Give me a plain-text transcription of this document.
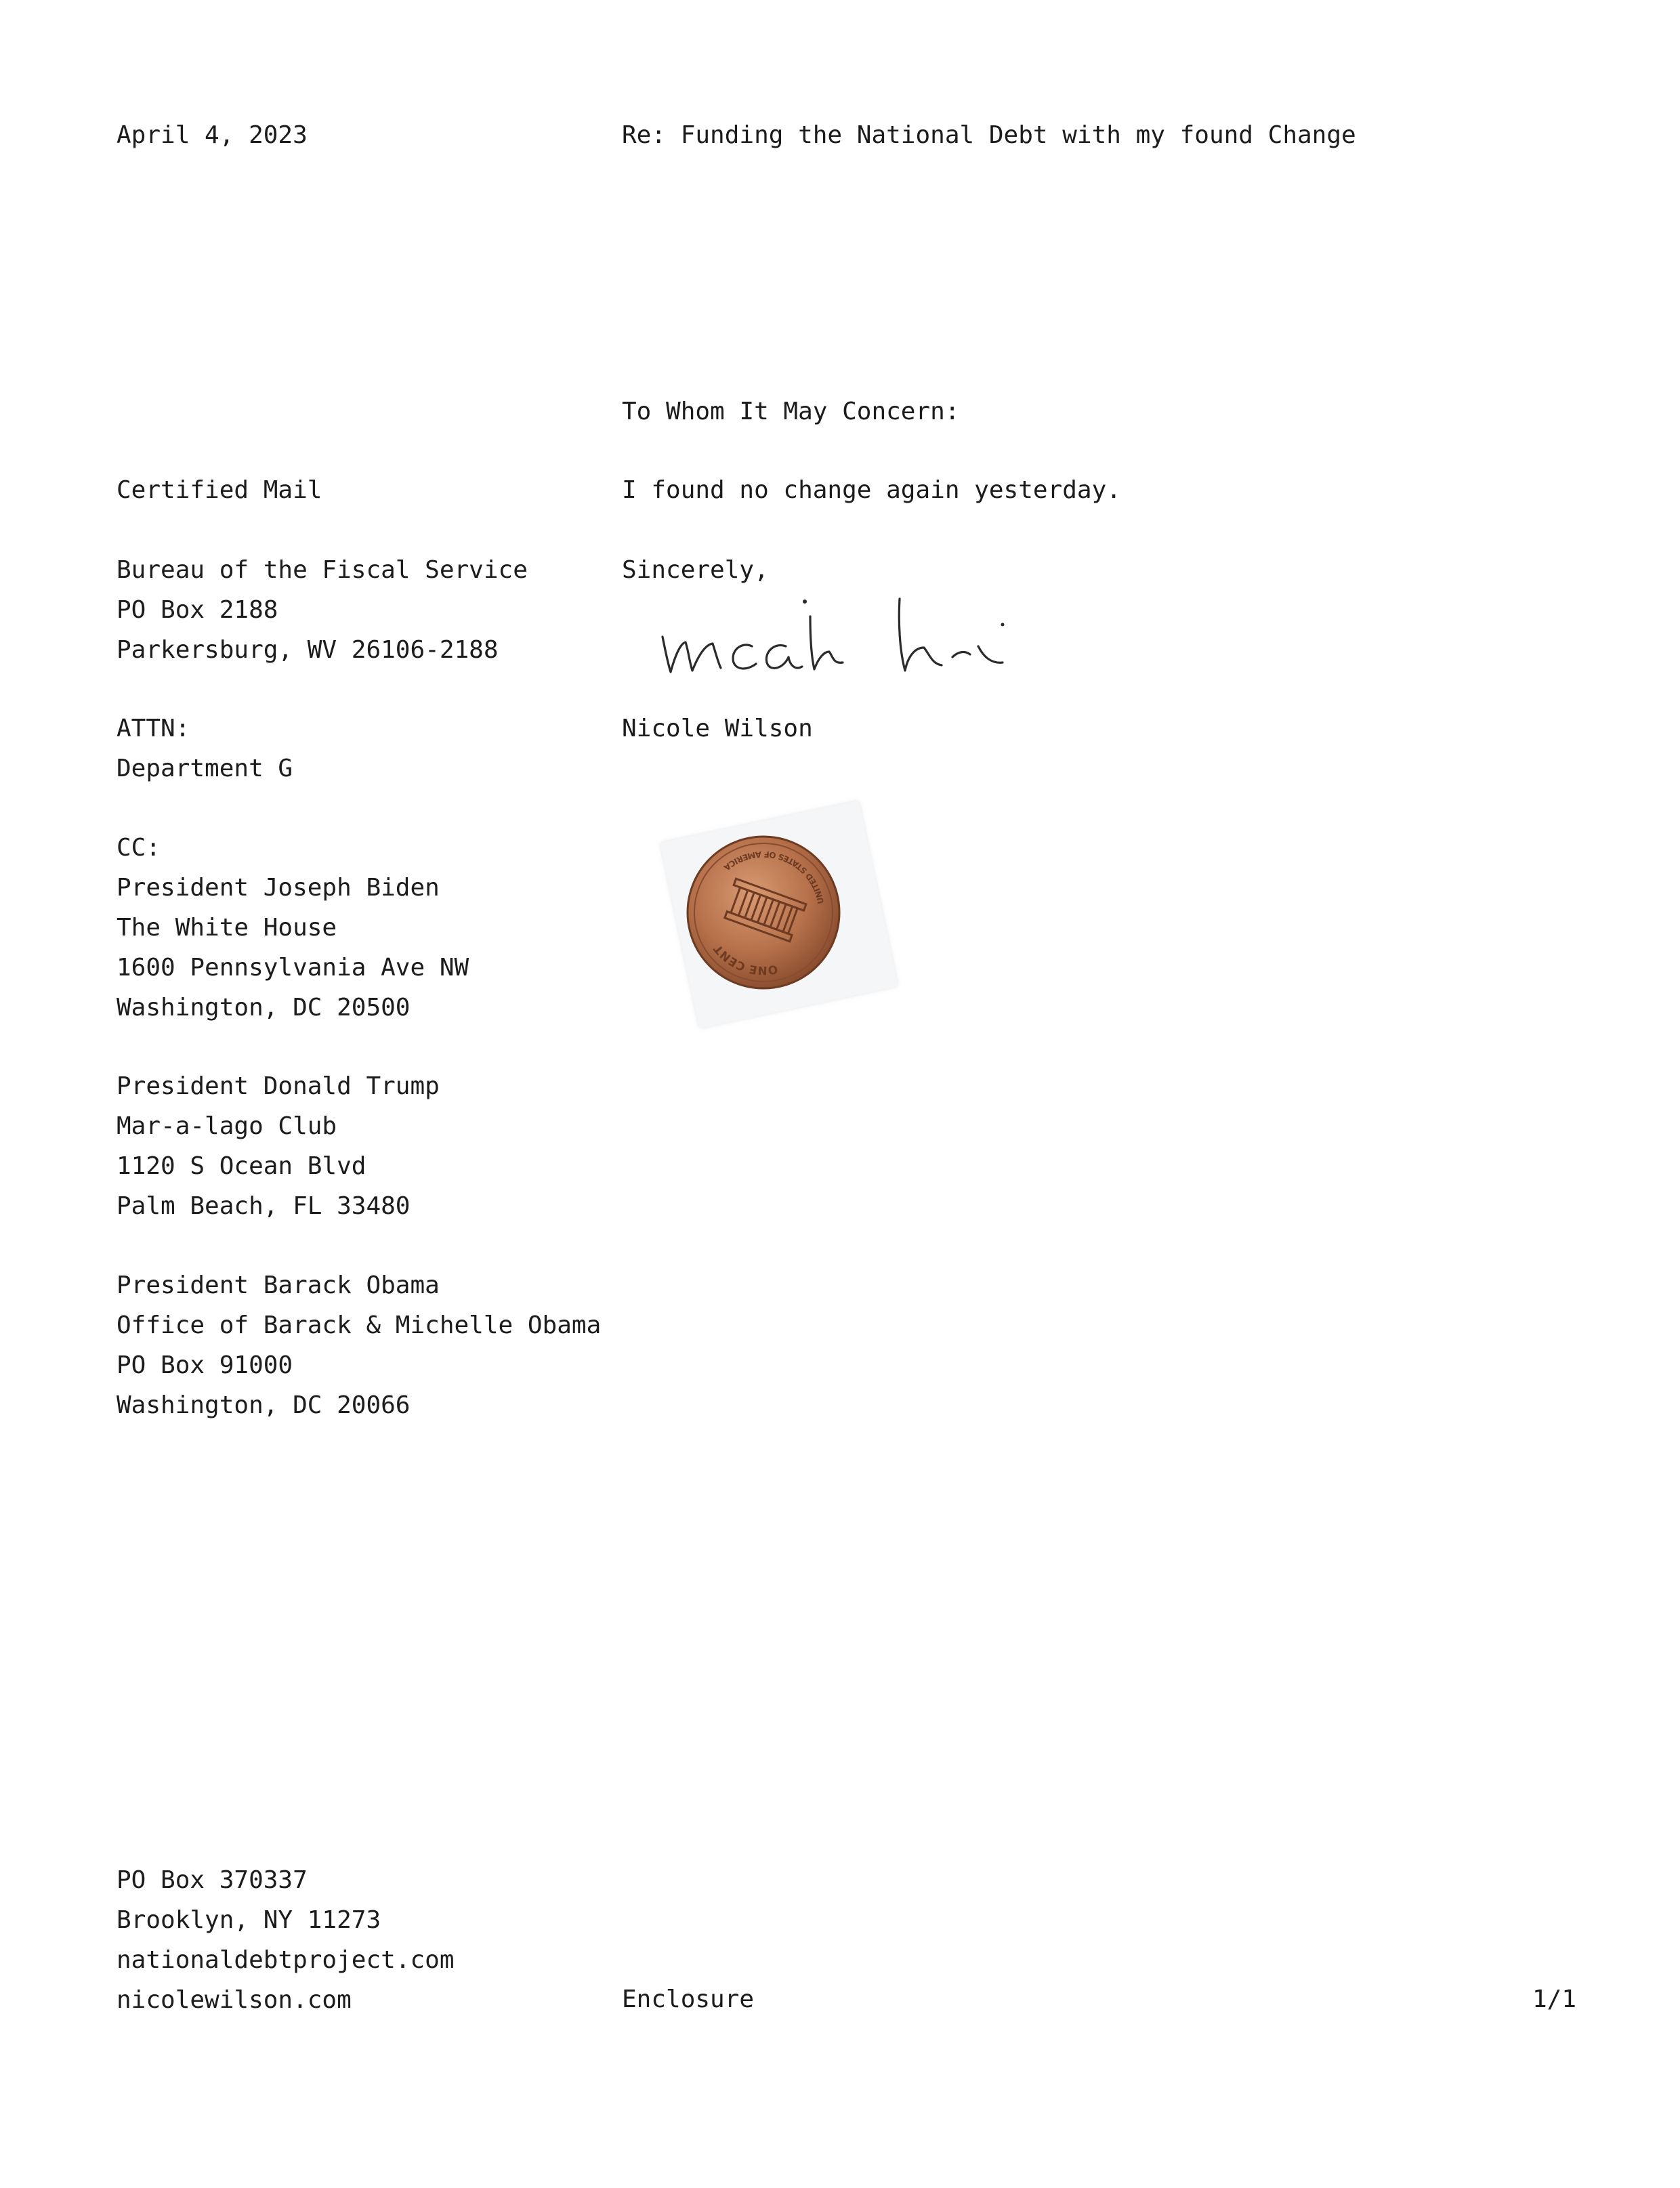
April 4, 2023	Re: Funding the National Debt with my found Change
To Whom It May Concern:
Certified Mail	I found no change again yesterday.
Bureau of the Fiscal Service
PO Box 2188
Parkersburg, WV 26106-2188
Sincerely,
ATTN:
Department G
Nicole Wilson
CC:
President Joseph Biden
The White House
1600 Pennsylvania Ave NW
Washington, DC 20500
President Donald Trump
Mar-a-lago Club
1120 S Ocean Blvd
Palm Beach, FL 33480
President Barack Obama
Office of Barack & Michelle Obama
PO Box 91000
Washington, DC 20066
ONE CENT
UNITED STATES OF AMERICA
PO Box 370337
Brooklyn, NY 11273
nationaldebtproject.com
nicolewilson.com	Enclosure	1/1
